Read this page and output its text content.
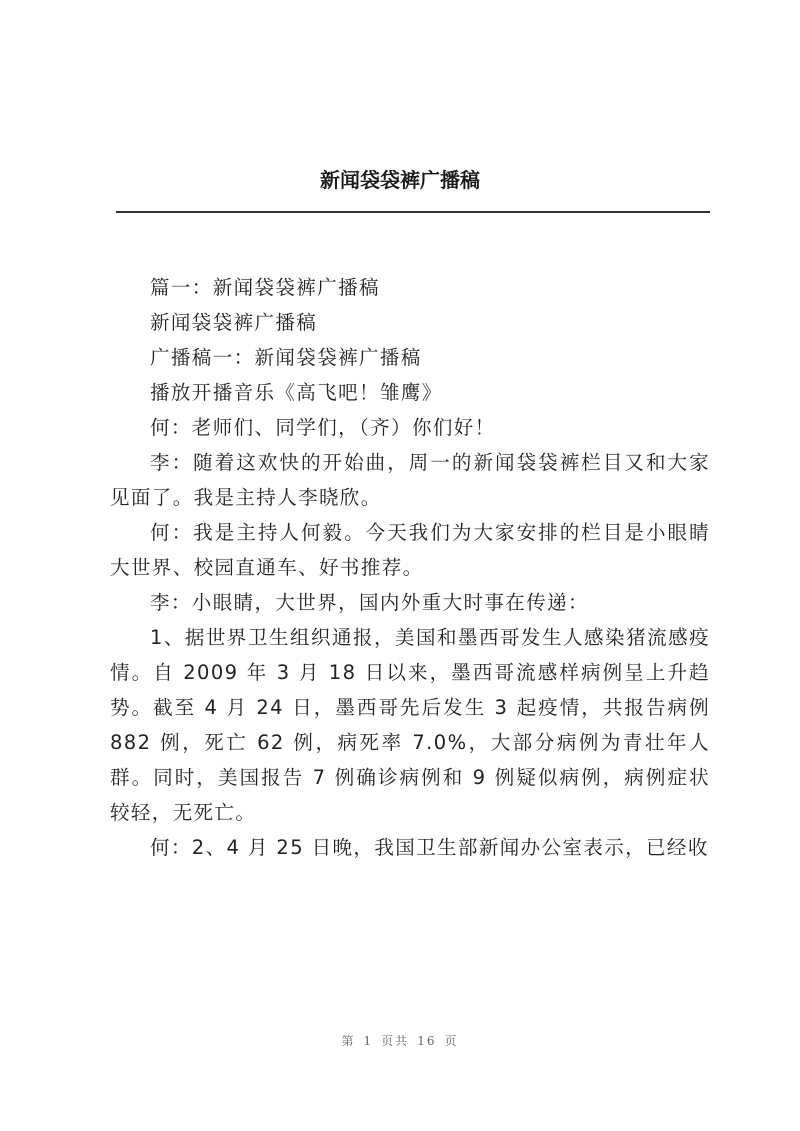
新闻袋袋裤广播稿

篇一：新闻袋袋裤广播稿

新闻袋袋裤广播稿

广播稿一：新闻袋袋裤广播稿

播放开播音乐《高飞吧！雏鹰》

何：老师们、同学们，（齐）你们好！

李：随着这欢快的开始曲，周一的新闻袋袋裤栏目又和大家见面了。我是主持人李晓欣。

何：我是主持人何毅。今天我们为大家安排的栏目是小眼睛大世界、校园直通车、好书推荐。

李：小眼睛，大世界，国内外重大时事在传递：

1、据世界卫生组织通报，美国和墨西哥发生人感染猪流感疫情。自 2009 年 3 月 18 日以来，墨西哥流感样病例呈上升趋势。截至 4 月 24 日，墨西哥先后发生 3 起疫情，共报告病例 882 例，死亡 62 例，病死率 7.0%，大部分病例为青壮年人群。同时，美国报告 7 例确诊病例和 9 例疑似病例，病例症状较轻，无死亡。

何：2、4 月 25 日晚，我国卫生部新闻办公室表示，已经收

第 1 页共 16 页
